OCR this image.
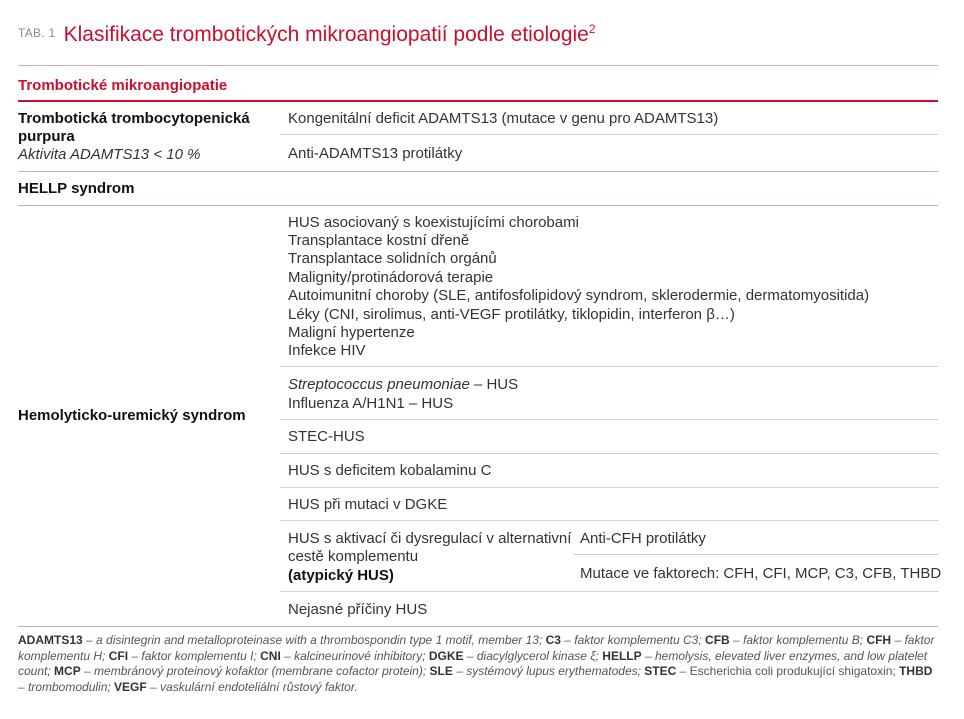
$^{TAB. 1}$ Klasifikace trombotických mikroangiopatií podle etiologie$^2$
Trombotické mikroangiopatie
Trombotická trombocytopenická
purpura
Aktivita ADAMTS13 < 10 %
Kongenitální deficit ADAMTS13 (mutace v genu pro ADAMTS13)
Anti-ADAMTS13 protilátky
HELLP syndrom
Hemolyticko-uremický syndrom
HUS asociovaný s koexistujícími chorobami
Transplantace kostní dřeně
Transplantace solidních orgánů
Malignity/protinádorová terapie
Autoimunitní choroby (SLE, antifosfolipidový syndrom, sklerodermie, dermatomyositida)
Léky (CNI, sirolimus, anti-VEGF protilátky, tiklopidin, interferon β…)
Maligní hypertenze
Infekce HIV
Streptococcus pneumoniae – HUS
Influenza A/H1N1 – HUS
STEC-HUS
HUS s deficitem kobalaminu C
HUS při mutaci v DGKE
HUS s aktivací či dysregulací v alternativní
cestě komplementu
(atypický HUS)
Anti-CFH protilátky
Mutace ve faktorech: CFH, CFI, MCP, C3, CFB, THBD
Nejasné příčiny HUS
ADAMTS13 – a disintegrin and metalloproteinase with a thrombospondin type 1 motif, member 13; C3 – faktor komplementu C3; CFB – faktor komplementu B; CFH – faktor komplementu H; CFI – faktor komplementu I; CNI – kalcineurinové inhibitory; DGKE – diacylglycerol kinase ξ; HELLP – hemolysis, elevated liver enzymes, and low platelet count; MCP – membránový proteinový kofaktor (membrane cofactor protein); SLE – systémový lupus erythematodes; STEC – Escherichia coli produkující shigatoxin; THBD – trombomodulin; VEGF – vaskulární endoteliální růstový faktor.
